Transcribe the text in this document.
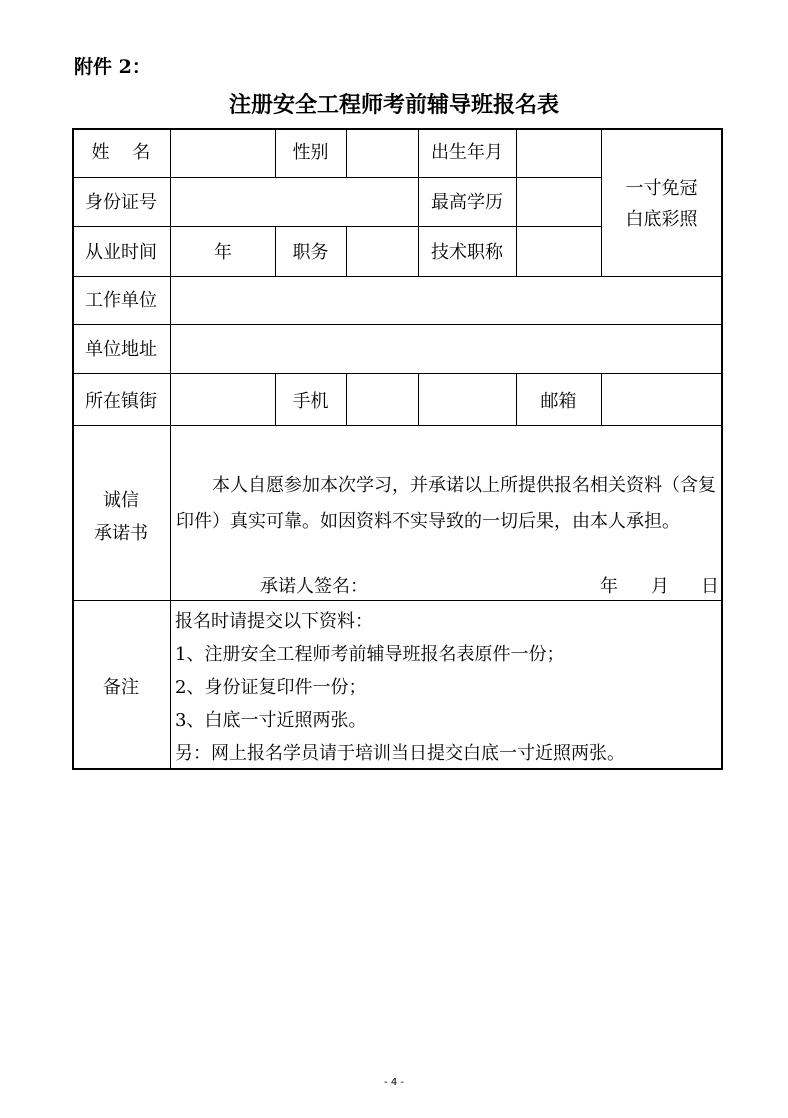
附件 2：
注册安全工程师考前辅导班报名表
姓    名	性别	出生年月
一寸免冠
白底彩照
身份证号	最高学历
从业时间	年	职务	技术职称
工作单位
单位地址
所在镇街	手机	邮箱
诚信
承诺书
本人自愿参加本次学习，并承诺以上所提供报名相关资料（含复印件）真实可靠。如因资料不实导致的一切后果，由本人承担。
承诺人签名：	年 月 日
备注
报名时请提交以下资料：
1、注册安全工程师考前辅导班报名表原件一份；
2、身份证复印件一份；
3、白底一寸近照两张。
另：网上报名学员请于培训当日提交白底一寸近照两张。
- 4 -
